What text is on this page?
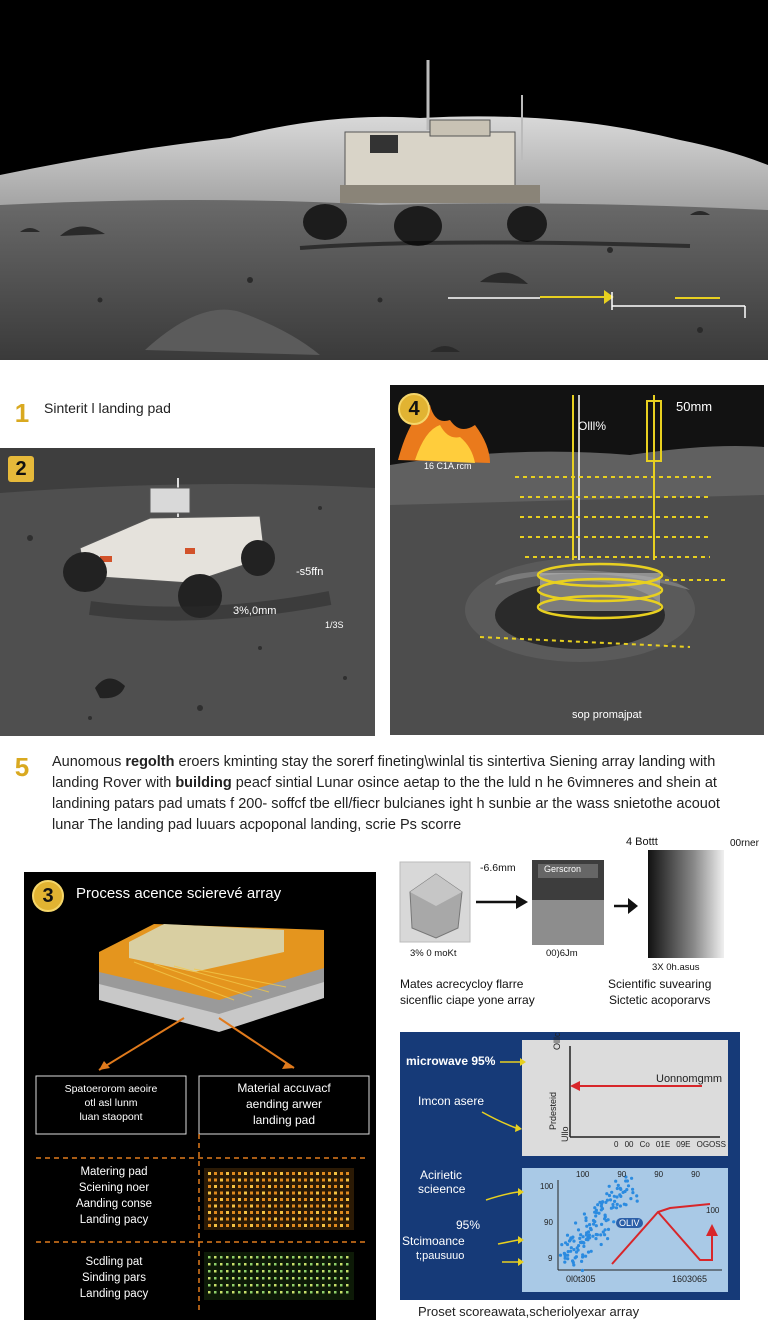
1 Sinterit l landing pad
2
-s5ffn
3%,0mm
1/3S
4	50mm
Olll%
16 C1A.rcm
sop promajpat
5 Aunomous regolth eroers kminting stay the sorerf fineting\winlal tis sintertiva Siening array landing with
landing Rover with building peacf sintial Lunar osince aetap to the the luld n he 6vimneres and shein at
landining patars pad umats f 200- soffcf tbe ell/fiecr bulcianes ight h sunbie ar the wass snietothe acouot
lunar The landing pad luuars acpoponal landing, scrie Ps scorre
3	Process acence scierevé array
Spatoerorom aeoire
otl asl lunm
luan staopont
Material accuvacf
aending arwer
landing pad
Matering pad
Sciening noer
Aanding conse
Landing pacy
Scdling pat
Sinding pars
Landing pacy
-6.6mm
4 Bottt	00rner
Gerscron
3% 0 moKt	00)6Jm
3X 0h.asus
Mates acrecycloy flarre
sicenflic ciape yone array
Scientific suvearing
Sictetic acoporarvs
microwave 95%
Imcon asere
Acirietic
scieence
95%
Stcimoance
t;pausuuo
Olllc
Prdesteid
Ullo
Uonnomgmm
0 00 Co 01E 09E OGOSS
100	90	90	90
100
90
9
OLIV
100
0l0t305	1603065
Proset scoreawata,scheriolyexar array
